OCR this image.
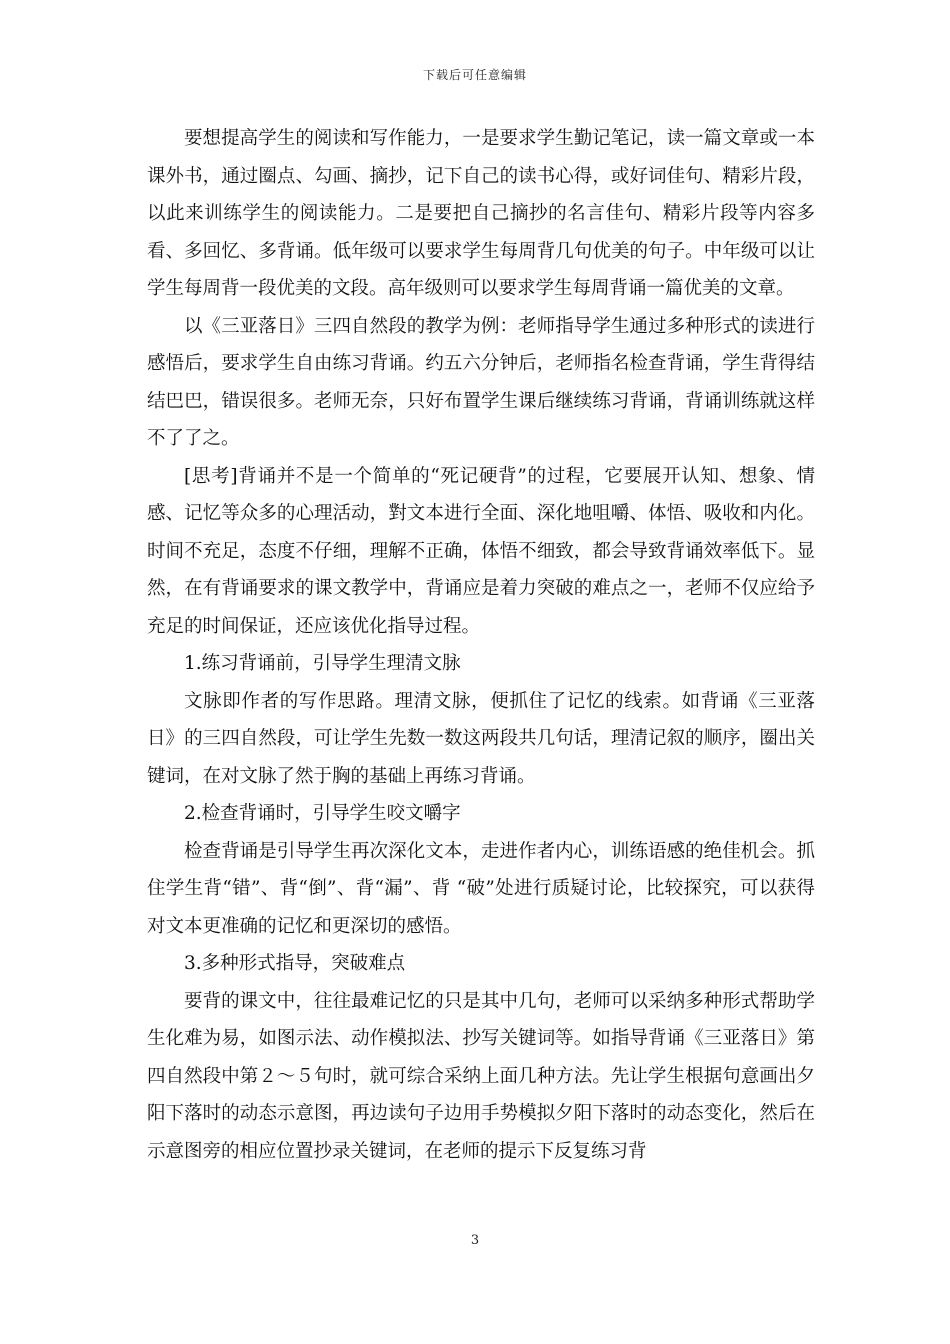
下载后可任意编辑

要想提高学生的阅读和写作能力，一是要求学生勤记笔记，读一篇文章或一本课外书，通过圈点、勾画、摘抄，记下自己的读书心得，或好词佳句、精彩片段，以此来训练学生的阅读能力。二是要把自己摘抄的名言佳句、精彩片段等内容多看、多回忆、多背诵。低年级可以要求学生每周背几句优美的句子。中年级可以让学生每周背一段优美的文段。高年级则可以要求学生每周背诵一篇优美的文章。

以《三亚落日》三四自然段的教学为例：老师指导学生通过多种形式的读进行感悟后，要求学生自由练习背诵。约五六分钟后，老师指名检查背诵，学生背得结结巴巴，错误很多。老师无奈，只好布置学生课后继续练习背诵，背诵训练就这样不了了之。

[思考]背诵并不是一个简单的“死记硬背”的过程，它要展开认知、想象、情感、记忆等众多的心理活动，對文本进行全面、深化地咀嚼、体悟、吸收和内化。时间不充足，态度不仔细，理解不正确，体悟不细致，都会导致背诵效率低下。显然，在有背诵要求的课文教学中，背诵应是着力突破的难点之一，老师不仅应给予充足的时间保证，还应该优化指导过程。

1.练习背诵前，引导学生理清文脉

文脉即作者的写作思路。理清文脉，便抓住了记忆的线索。如背诵《三亚落日》的三四自然段，可让学生先数一数这两段共几句话，理清记叙的顺序，圈出关键词，在对文脉了然于胸的基础上再练习背诵。

2.检查背诵时，引导学生咬文嚼字

检查背诵是引导学生再次深化文本，走进作者内心，训练语感的绝佳机会。抓住学生背“错”、背“倒”、背“漏”、背 “破”处进行质疑讨论，比较探究，可以获得对文本更准确的记忆和更深切的感悟。

3.多种形式指导，突破难点

要背的课文中，往往最难记忆的只是其中几句，老师可以采纳多种形式帮助学生化难为易，如图示法、动作模拟法、抄写关键词等。如指导背诵《三亚落日》第四自然段中第２～５句时，就可综合采纳上面几种方法。先让学生根据句意画出夕阳下落时的动态示意图，再边读句子边用手势模拟夕阳下落时的动态变化，然后在示意图旁的相应位置抄录关键词，在老师的提示下反复练习背

3
